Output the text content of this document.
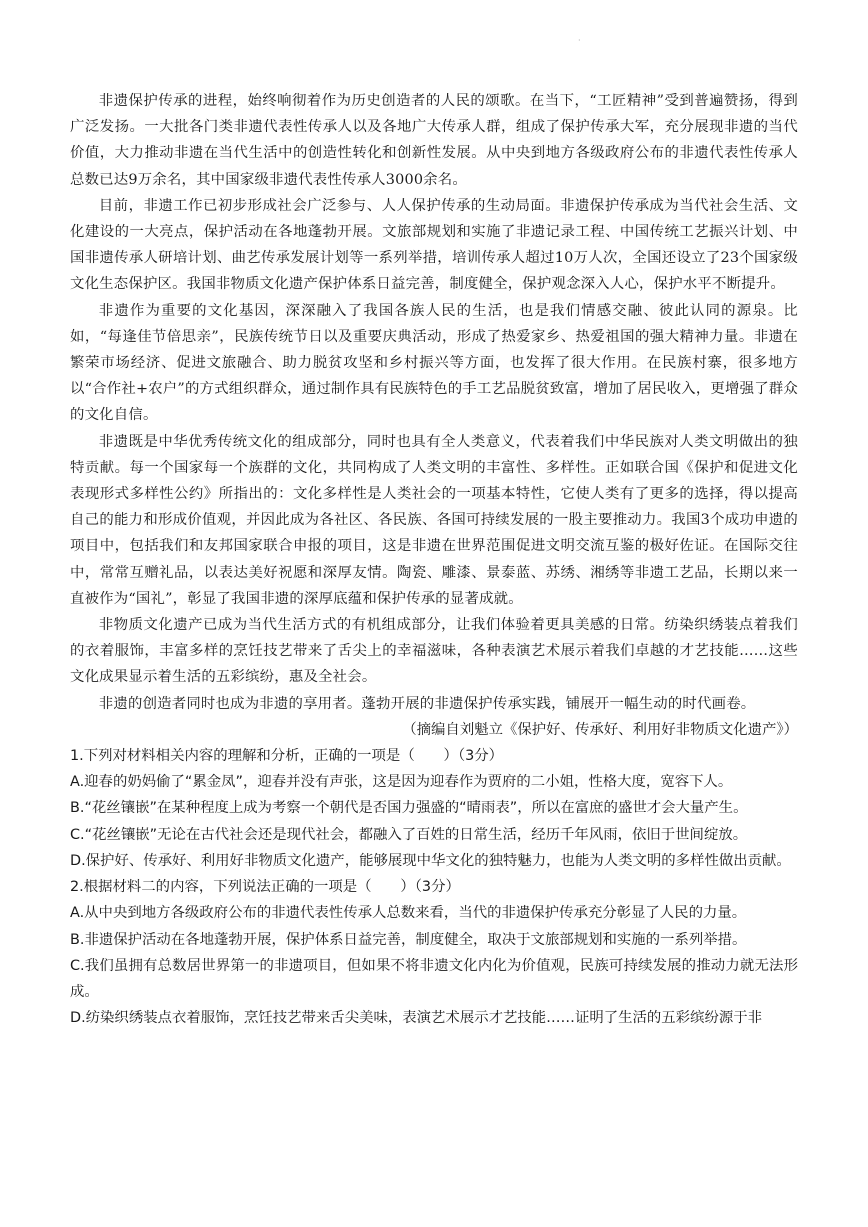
·

非遗保护传承的进程，始终响彻着作为历史创造者的人民的颂歌。在当下，“工匠精神”受到普遍赞扬，得到广泛发扬。一大批各门类非遗代表性传承人以及各地广大传承人群，组成了保护传承大军，充分展现非遗的当代价值，大力推动非遗在当代生活中的创造性转化和创新性发展。从中央到地方各级政府公布的非遗代表性传承人总数已达9万余名，其中国家级非遗代表性传承人3000余名。

目前，非遗工作已初步形成社会广泛参与、人人保护传承的生动局面。非遗保护传承成为当代社会生活、文化建设的一大亮点，保护活动在各地蓬勃开展。文旅部规划和实施了非遗记录工程、中国传统工艺振兴计划、中国非遗传承人研培计划、曲艺传承发展计划等一系列举措，培训传承人超过10万人次，全国还设立了23个国家级文化生态保护区。我国非物质文化遗产保护体系日益完善，制度健全，保护观念深入人心，保护水平不断提升。

非遗作为重要的文化基因，深深融入了我国各族人民的生活，也是我们情感交融、彼此认同的源泉。比如，“每逢佳节倍思亲”，民族传统节日以及重要庆典活动，形成了热爱家乡、热爱祖国的强大精神力量。非遗在繁荣市场经济、促进文旅融合、助力脱贫攻坚和乡村振兴等方面，也发挥了很大作用。在民族村寨，很多地方以“合作社+农户”的方式组织群众，通过制作具有民族特色的手工艺品脱贫致富，增加了居民收入，更增强了群众的文化自信。

非遗既是中华优秀传统文化的组成部分，同时也具有全人类意义，代表着我们中华民族对人类文明做出的独特贡献。每一个国家每一个族群的文化，共同构成了人类文明的丰富性、多样性。正如联合国《保护和促进文化表现形式多样性公约》所指出的：文化多样性是人类社会的一项基本特性，它使人类有了更多的选择，得以提高自己的能力和形成价值观，并因此成为各社区、各民族、各国可持续发展的一股主要推动力。我国3个成功申遗的项目中，包括我们和友邦国家联合申报的项目，这是非遗在世界范围促进文明交流互鉴的极好佐证。在国际交往中，常常互赠礼品，以表达美好祝愿和深厚友情。陶瓷、雕漆、景泰蓝、苏绣、湘绣等非遗工艺品，长期以来一直被作为“国礼”，彰显了我国非遗的深厚底蕴和保护传承的显著成就。

非物质文化遗产已成为当代生活方式的有机组成部分，让我们体验着更具美感的日常。纺染织绣装点着我们的衣着服饰，丰富多样的烹饪技艺带来了舌尖上的幸福滋味，各种表演艺术展示着我们卓越的才艺技能……这些文化成果显示着生活的五彩缤纷，惠及全社会。

非遗的创造者同时也成为非遗的享用者。蓬勃开展的非遗保护传承实践，铺展开一幅生动的时代画卷。

（摘编自刘魁立《保护好、传承好、利用好非物质文化遗产》）

1.下列对材料相关内容的理解和分析，正确的一项是（　　）（3分）

A.迎春的奶妈偷了“累金凤”，迎春并没有声张，这是因为迎春作为贾府的二小姐，性格大度，宽容下人。

B.“花丝镶嵌”在某种程度上成为考察一个朝代是否国力强盛的“晴雨表”，所以在富庶的盛世才会大量产生。

C.“花丝镶嵌”无论在古代社会还是现代社会，都融入了百姓的日常生活，经历千年风雨，依旧于世间绽放。

D.保护好、传承好、利用好非物质文化遗产，能够展现中华文化的独特魅力，也能为人类文明的多样性做出贡献。

2.根据材料二的内容，下列说法正确的一项是（　　）（3分）

A.从中央到地方各级政府公布的非遗代表性传承人总数来看，当代的非遗保护传承充分彰显了人民的力量。

B.非遗保护活动在各地蓬勃开展，保护体系日益完善，制度健全，取决于文旅部规划和实施的一系列举措。

C.我们虽拥有总数居世界第一的非遗项目，但如果不将非遗文化内化为价值观，民族可持续发展的推动力就无法形成。

D.纺染织绣装点衣着服饰，烹饪技艺带来舌尖美味，表演艺术展示才艺技能……证明了生活的五彩缤纷源于非
